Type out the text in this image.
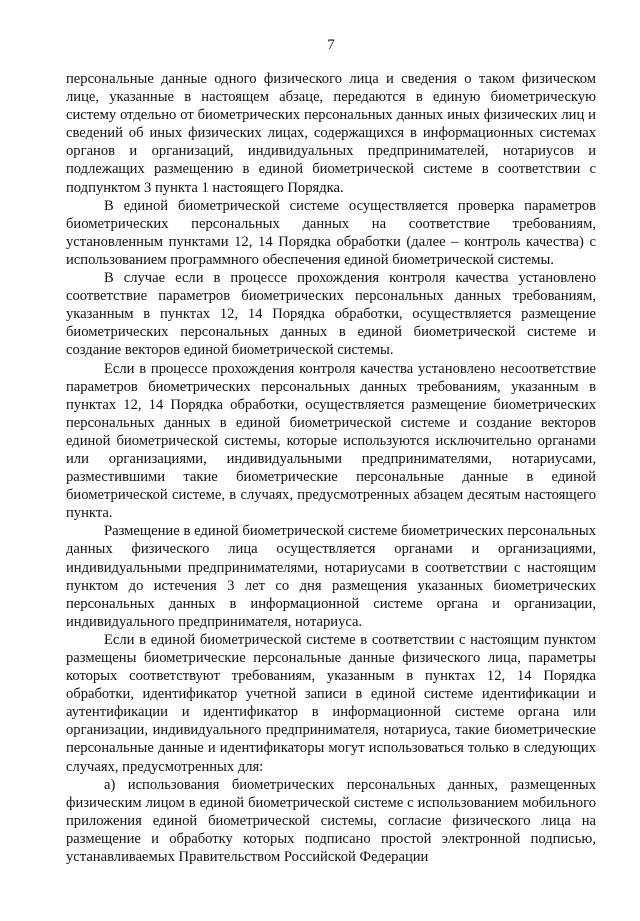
7

персональные данные одного физического лица и сведения о таком физическом лице, указанные в настоящем абзаце, передаются в единую биометрическую систему отдельно от биометрических персональных данных иных физических лиц и сведений об иных физических лицах, содержащихся в информационных системах органов и организаций, индивидуальных предпринимателей, нотариусов и подлежащих размещению в единой биометрической системе в соответствии с подпунктом 3 пункта 1 настоящего Порядка.

В единой биометрической системе осуществляется проверка параметров биометрических персональных данных на соответствие требованиям, установленным пунктами 12, 14 Порядка обработки (далее – контроль качества) с использованием программного обеспечения единой биометрической системы.

В случае если в процессе прохождения контроля качества установлено соответствие параметров биометрических персональных данных требованиям, указанным в пунктах 12, 14 Порядка обработки, осуществляется размещение биометрических персональных данных в единой биометрической системе и создание векторов единой биометрической системы.

Если в процессе прохождения контроля качества установлено несоответствие параметров биометрических персональных данных требованиям, указанным в пунктах 12, 14 Порядка обработки, осуществляется размещение биометрических персональных данных в единой биометрической системе и создание векторов единой биометрической системы, которые используются исключительно органами или организациями, индивидуальными предпринимателями, нотариусами, разместившими такие биометрические персональные данные в единой биометрической системе, в случаях, предусмотренных абзацем десятым настоящего пункта.

Размещение в единой биометрической системе биометрических персональных данных физического лица осуществляется органами и организациями, индивидуальными предпринимателями, нотариусами в соответствии с настоящим пунктом до истечения 3 лет со дня размещения указанных биометрических персональных данных в информационной системе органа и организации, индивидуального предпринимателя, нотариуса.

Если в единой биометрической системе в соответствии с настоящим пунктом размещены биометрические персональные данные физического лица, параметры которых соответствуют требованиям, указанным в пунктах 12, 14 Порядка обработки, идентификатор учетной записи в единой системе идентификации и аутентификации и идентификатор в информационной системе органа или организации, индивидуального предпринимателя, нотариуса, такие биометрические персональные данные и идентификаторы могут использоваться только в следующих случаях, предусмотренных для:

а) использования биометрических персональных данных, размещенных физическим лицом в единой биометрической системе с использованием мобильного приложения единой биометрической системы, согласие физического лица на размещение и обработку которых подписано простой электронной подписью, устанавливаемых Правительством Российской Федерации
